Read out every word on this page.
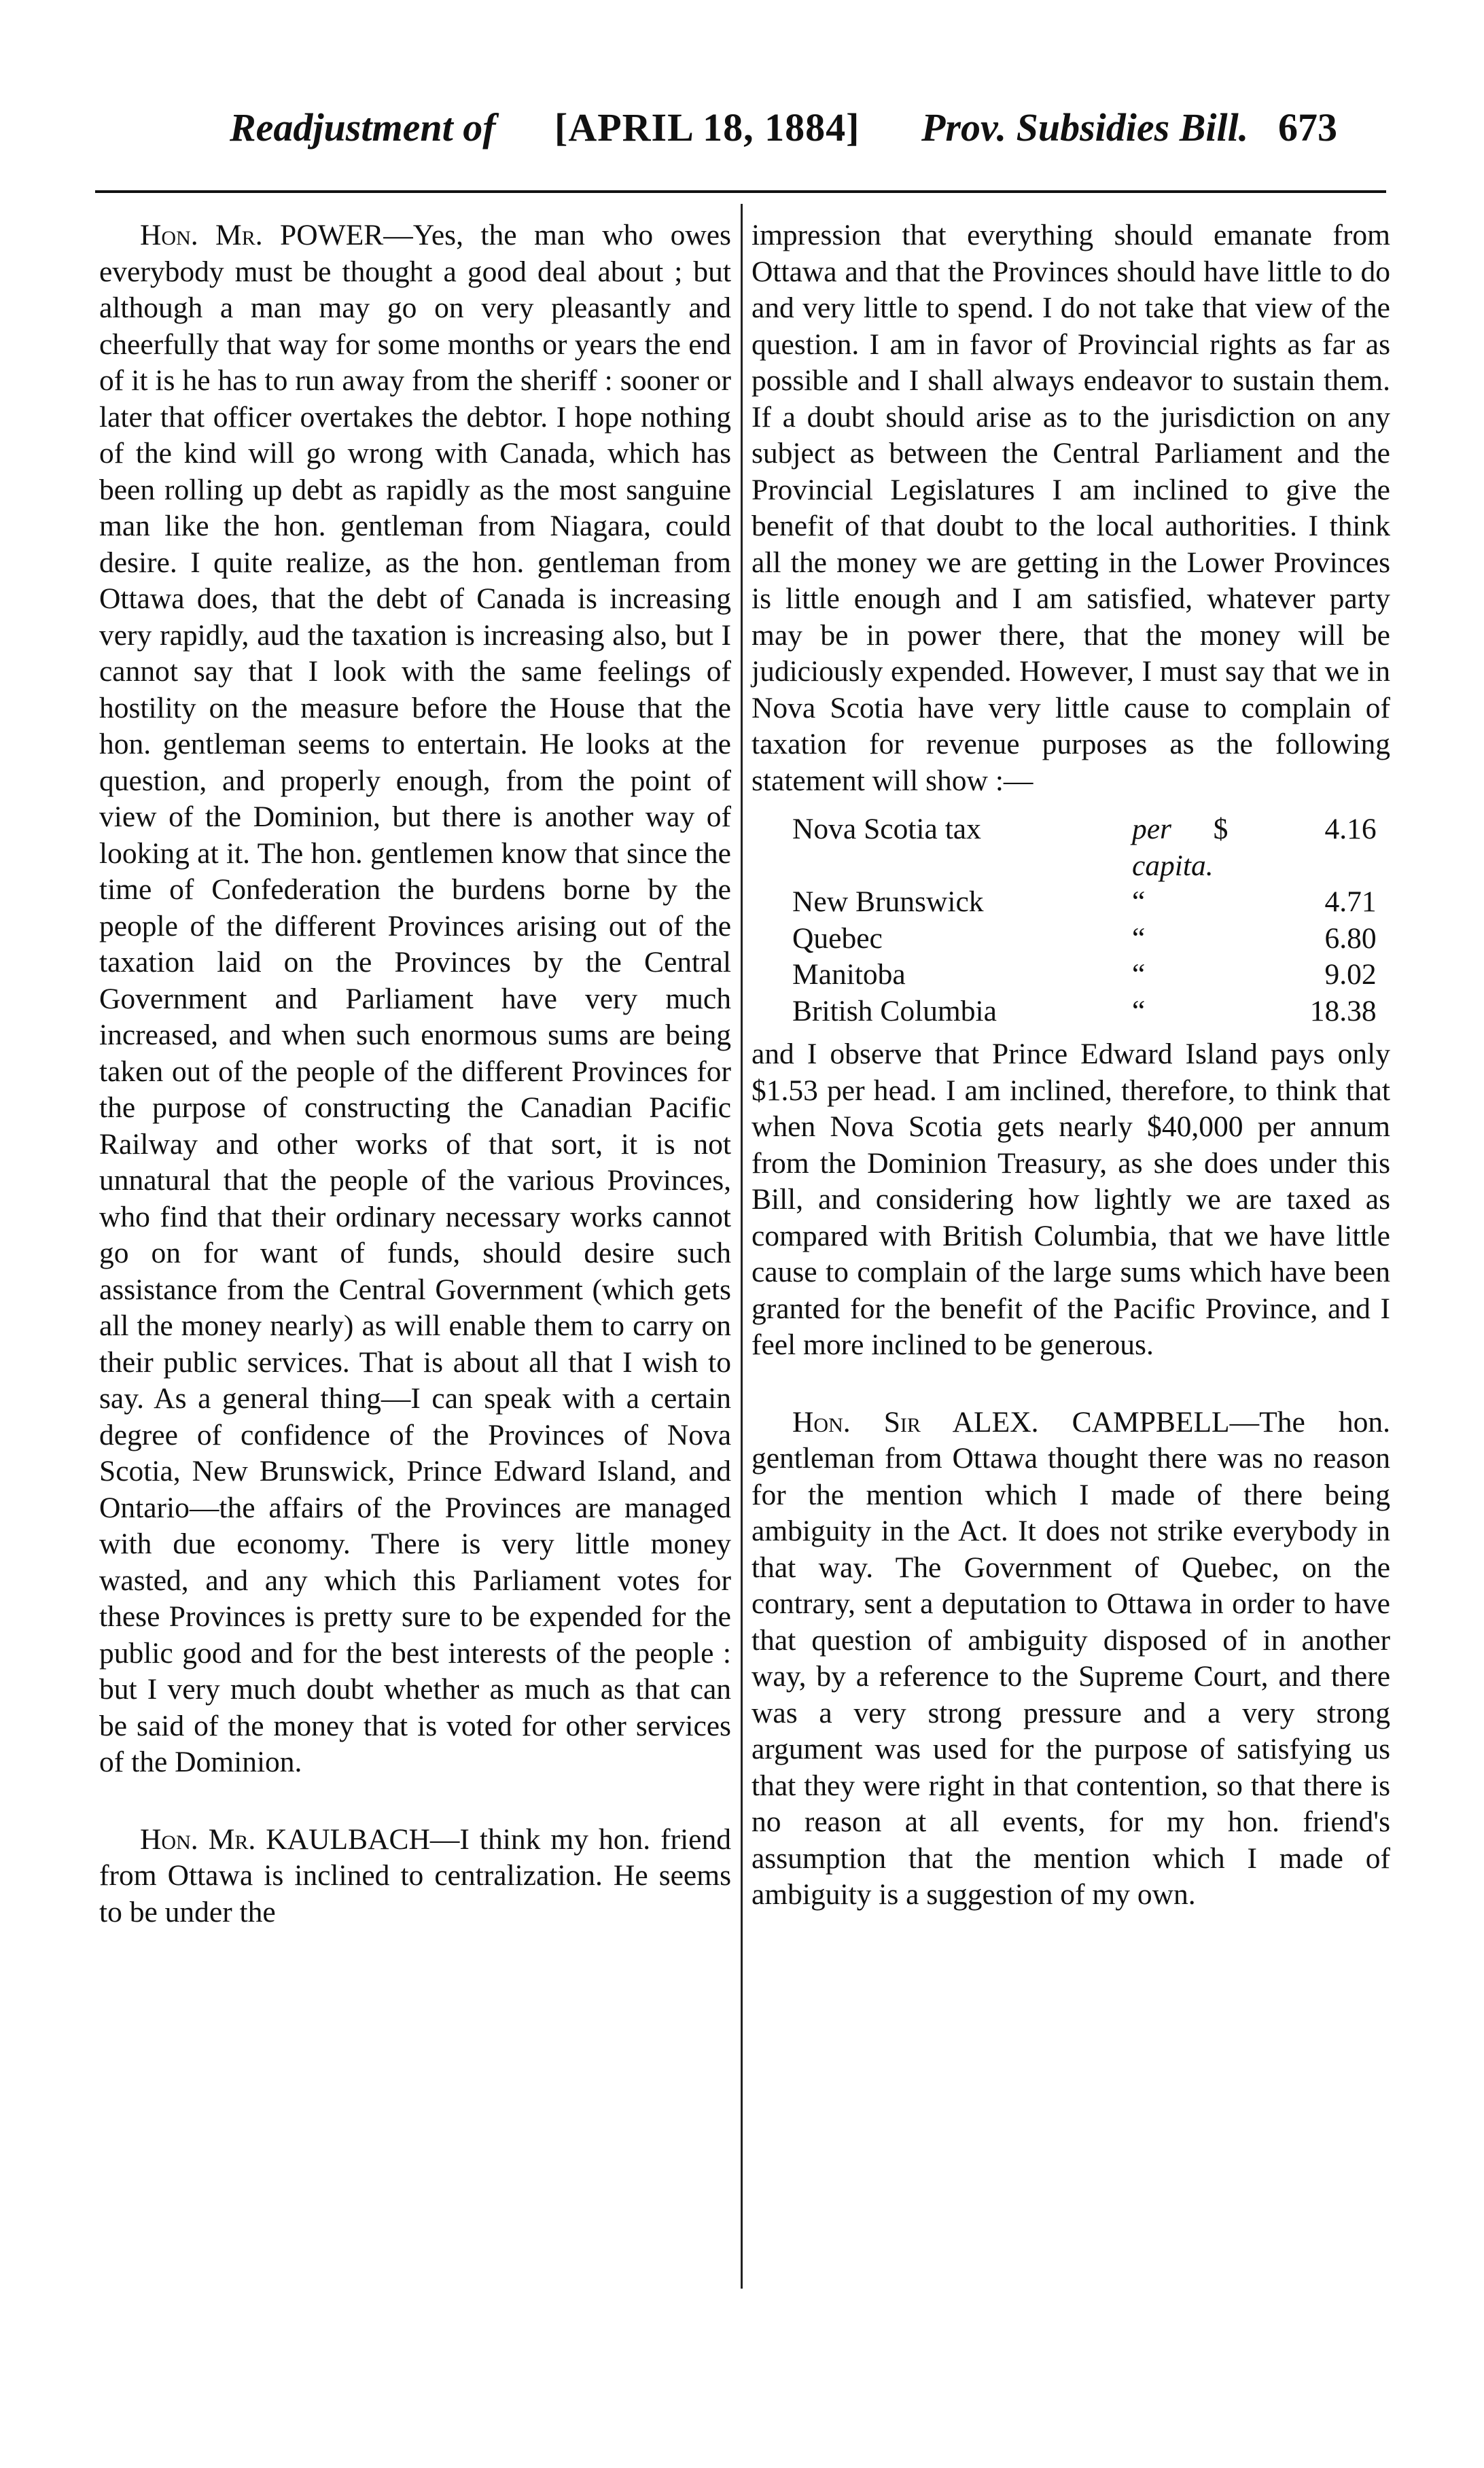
Readjustment of [APRIL 18, 1884] Prov. Subsidies Bill. 673

Hon. Mr. POWER—Yes, the man who owes everybody must be thought a good deal about ; but although a man may go on very pleasantly and cheerfully that way for some months or years the end of it is he has to run away from the sheriff : sooner or later that officer overtakes the debtor. I hope nothing of the kind will go wrong with Canada, which has been rolling up debt as rapidly as the most sanguine man like the hon. gentleman from Niagara, could desire. I quite realize, as the hon. gentleman from Ottawa does, that the debt of Canada is increasing very rapidly, aud the taxation is increasing also, but I cannot say that I look with the same feelings of hostility on the measure before the House that the hon. gentleman seems to entertain. He looks at the question, and properly enough, from the point of view of the Dominion, but there is another way of looking at it. The hon. gentlemen know that since the time of Confederation the burdens borne by the people of the different Provinces arising out of the taxation laid on the Provinces by the Central Government and Parliament have very much increased, and when such enormous sums are being taken out of the people of the different Provinces for the purpose of constructing the Canadian Pacific Railway and other works of that sort, it is not unnatural that the people of the various Provinces, who find that their ordinary necessary works cannot go on for want of funds, should desire such assistance from the Central Government (which gets all the money nearly) as will enable them to carry on their public services. That is about all that I wish to say. As a general thing—I can speak with a certain degree of confidence of the Provinces of Nova Scotia, New Brunswick, Prince Edward Island, and Ontario—the affairs of the Provinces are managed with due economy. There is very little money wasted, and any which this Parliament votes for these Provinces is pretty sure to be expended for the public good and for the best interests of the people : but I very much doubt whether as much as that can be said of the money that is voted for other services of the Dominion.

Hon. Mr. KAULBACH—I think my hon. friend from Ottawa is inclined to centralization. He seems to be under the

impression that everything should emanate from Ottawa and that the Provinces should have little to do and very little to spend. I do not take that view of the question. I am in favor of Provincial rights as far as possible and I shall always endeavor to sustain them. If a doubt should arise as to the jurisdiction on any subject as between the Central Parliament and the Provincial Legislatures I am inclined to give the benefit of that doubt to the local authorities. I think all the money we are getting in the Lower Provinces is little enough and I am satisfied, whatever party may be in power there, that the money will be judiciously expended. However, I must say that we in Nova Scotia have very little cause to complain of taxation for revenue purposes as the following statement will show :—

Nova Scotia tax	per capita.	$	4.16
New Brunswick	“		4.71
Quebec	“		6.80
Manitoba	“		9.02
British Columbia	“		18.38

and I observe that Prince Edward Island pays only $1.53 per head. I am inclined, therefore, to think that when Nova Scotia gets nearly $40,000 per annum from the Dominion Treasury, as she does under this Bill, and considering how lightly we are taxed as compared with British Columbia, that we have little cause to complain of the large sums which have been granted for the benefit of the Pacific Province, and I feel more inclined to be generous.

Hon. Sir ALEX. CAMPBELL—The hon. gentleman from Ottawa thought there was no reason for the mention which I made of there being ambiguity in the Act. It does not strike everybody in that way. The Government of Quebec, on the contrary, sent a deputation to Ottawa in order to have that question of ambiguity disposed of in another way, by a reference to the Supreme Court, and there was a very strong pressure and a very strong argument was used for the purpose of satisfying us that they were right in that contention, so that there is no reason at all events, for my hon. friend's assumption that the mention which I made of ambiguity is a suggestion of my own.
